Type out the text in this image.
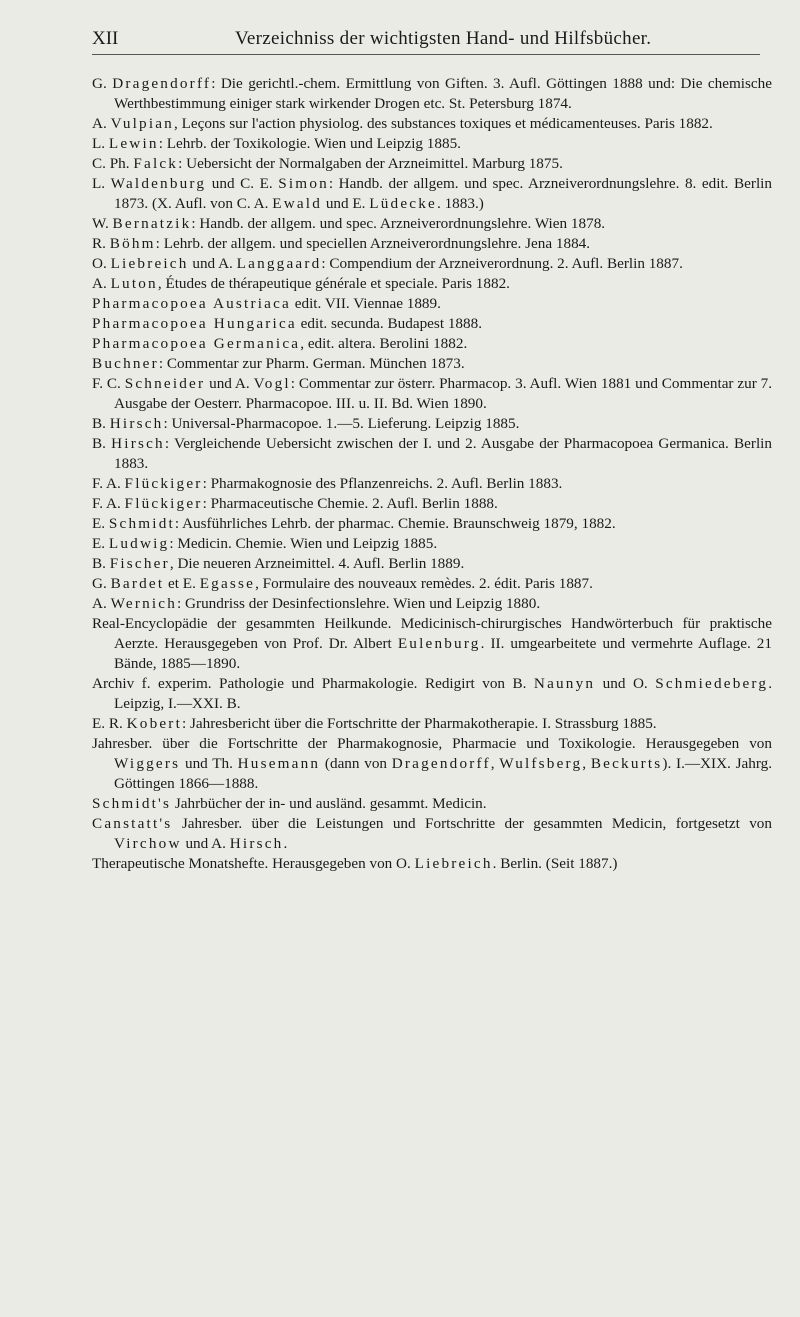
XII	Verzeichniss der wichtigsten Hand- und Hilfsbücher.

G. Dragendorff: Die gerichtl.-chem. Ermittlung von Giften. 3. Aufl. Göttingen 1888 und: Die chemische Werthbestimmung einiger stark wirkender Drogen etc. St. Petersburg 1874.

A. Vulpian, Leçons sur l'action physiolog. des substances toxiques et médicamenteuses. Paris 1882.

L. Lewin: Lehrb. der Toxikologie. Wien und Leipzig 1885.

C. Ph. Falck: Uebersicht der Normalgaben der Arzneimittel. Marburg 1875.

L. Waldenburg und C. E. Simon: Handb. der allgem. und spec. Arzneiverordnungslehre. 8. edit. Berlin 1873. (X. Aufl. von C. A. Ewald und E. Lüdecke. 1883.)

W. Bernatzik: Handb. der allgem. und spec. Arzneiverordnungslehre. Wien 1878.

R. Böhm: Lehrb. der allgem. und speciellen Arzneiverordnungslehre. Jena 1884.

O. Liebreich und A. Langgaard: Compendium der Arzneiverordnung. 2. Aufl. Berlin 1887.

A. Luton, Études de thérapeutique générale et speciale. Paris 1882.

Pharmacopoea Austriaca edit. VII. Viennae 1889.

Pharmacopoea Hungarica edit. secunda. Budapest 1888.

Pharmacopoea Germanica, edit. altera. Berolini 1882.

Buchner: Commentar zur Pharm. German. München 1873.

F. C. Schneider und A. Vogl: Commentar zur österr. Pharmacop. 3. Aufl. Wien 1881 und Commentar zur 7. Ausgabe der Oesterr. Pharmacopoe. III. u. II. Bd. Wien 1890.

B. Hirsch: Universal-Pharmacopoe. 1.—5. Lieferung. Leipzig 1885.

B. Hirsch: Vergleichende Uebersicht zwischen der I. und 2. Ausgabe der Pharmacopoea Germanica. Berlin 1883.

F. A. Flückiger: Pharmakognosie des Pflanzenreichs. 2. Aufl. Berlin 1883.

F. A. Flückiger: Pharmaceutische Chemie. 2. Aufl. Berlin 1888.

E. Schmidt: Ausführliches Lehrb. der pharmac. Chemie. Braunschweig 1879, 1882.

E. Ludwig: Medicin. Chemie. Wien und Leipzig 1885.

B. Fischer, Die neueren Arzneimittel. 4. Aufl. Berlin 1889.

G. Bardet et E. Egasse, Formulaire des nouveaux remèdes. 2. édit. Paris 1887.

A. Wernich: Grundriss der Desinfectionslehre. Wien und Leipzig 1880.

Real-Encyclopädie der gesammten Heilkunde. Medicinisch-chirurgisches Handwörterbuch für praktische Aerzte. Herausgegeben von Prof. Dr. Albert Eulenburg. II. umgearbeitete und vermehrte Auflage. 21 Bände, 1885—1890.

Archiv f. experim. Pathologie und Pharmakologie. Redigirt von B. Naunyn und O. Schmiedeberg. Leipzig, I.—XXI. B.

E. R. Kobert: Jahresbericht über die Fortschritte der Pharmakotherapie. I. Strassburg 1885.

Jahresber. über die Fortschritte der Pharmakognosie, Pharmacie und Toxikologie. Herausgegeben von Wiggers und Th. Husemann (dann von Dragendorff, Wulfsberg, Beckurts). I.—XIX. Jahrg. Göttingen 1866—1888.

Schmidt's Jahrbücher der in- und ausländ. gesammt. Medicin.

Canstatt's Jahresber. über die Leistungen und Fortschritte der gesammten Medicin, fortgesetzt von Virchow und A. Hirsch.

Therapeutische Monatshefte. Herausgegeben von O. Liebreich. Berlin. (Seit 1887.)
